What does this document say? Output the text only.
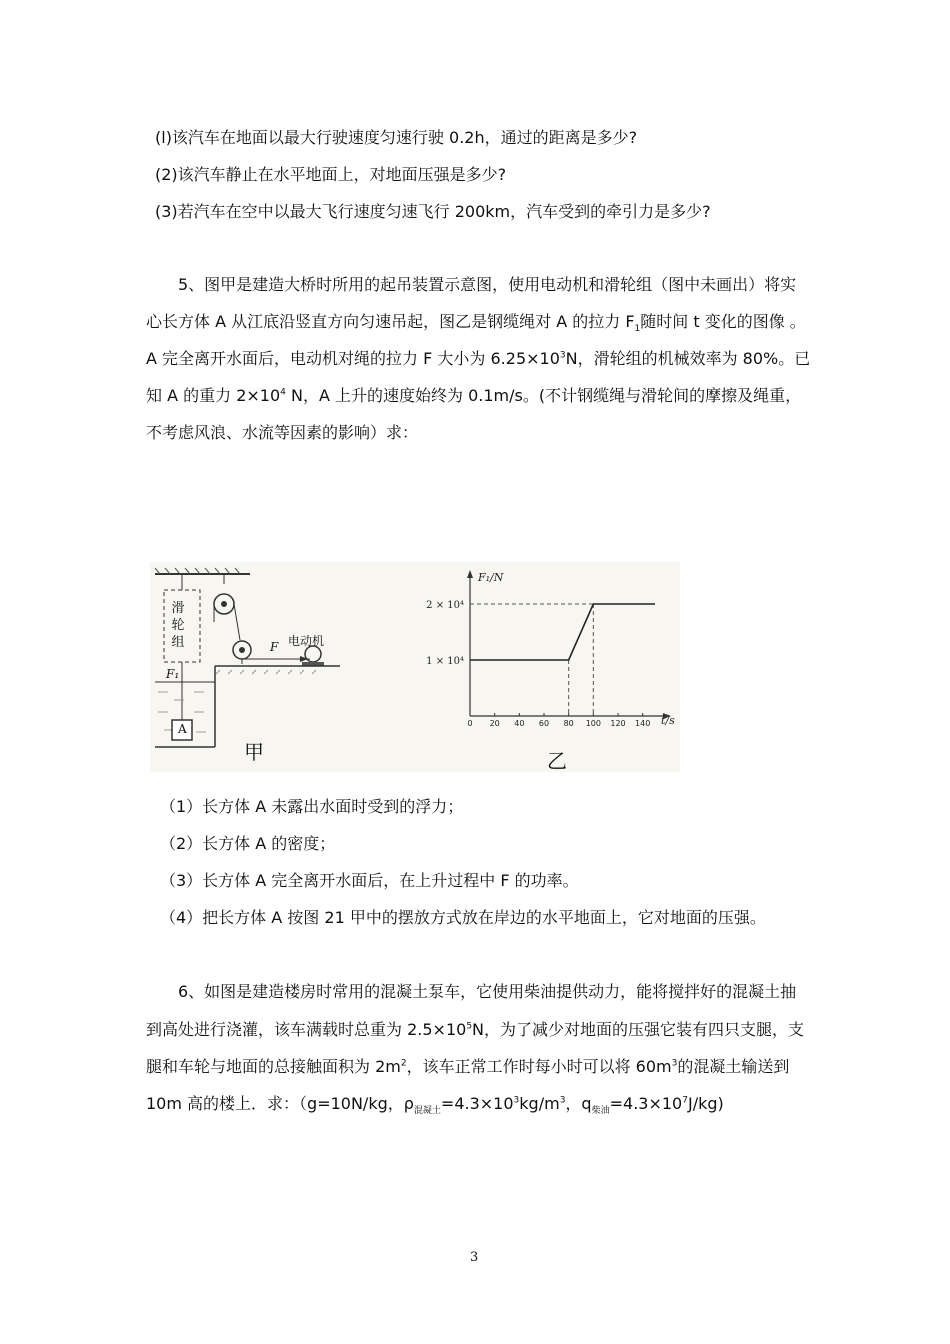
(l)该汽车在地面以最大行驶速度匀速行驶 0.2h，通过的距离是多少?
(2)该汽车静止在水平地面上，对地面压强是多少?
(3)若汽车在空中以最大飞行速度匀速飞行 200km，汽车受到的牵引力是多少?
5、图甲是建造大桥时所用的起吊装置示意图，使用电动机和滑轮组（图中未画出）将实
心长方体 A 从江底沿竖直方向匀速吊起，图乙是钢缆绳对 A 的拉力 $F_1$随时间 t 变化的图像 。
A 完全离开水面后，电动机对绳的拉力 F 大小为 $6.25\times 10^3N$，滑轮组的机械效率为 80%。已
知 A 的重力 $2\times 10^4$ N，A 上升的速度始终为 0.1m/s。(不计钢缆绳与滑轮间的摩擦及绳重，
不考虑风浪、水流等因素的影响）求：
滑轮组	电动机
F
F₁
A
甲
F₁/N
t/s
0 20 40 60 80 100 120 140
1 × 10⁴
2 × 10⁴
乙
（1）长方体 A 未露出水面时受到的浮力；
（2）长方体 A 的密度；
（3）长方体 A 完全离开水面后，在上升过程中 F 的功率。
（4）把长方体 A 按图 21 甲中的摆放方式放在岸边的水平地面上，它对地面的压强。
6、如图是建造楼房时常用的混凝土泵车，它使用柴油提供动力，能将搅拌好的混凝土抽
到高处进行浇灌，该车满载时总重为 $2.5\times 10^5N$，为了减少对地面的压强它装有四只支腿，支
腿和车轮与地面的总接触面积为 $2m^2$，该车正常工作时每小时可以将 $60m^3$的混凝土输送到
10m 高的楼上．求：（g=10N/kg，$\rho_{混凝土}=4.3\times 10^3kg/m^3$，$q_{柴油}=4.3\times 10^7J/kg$)
3
